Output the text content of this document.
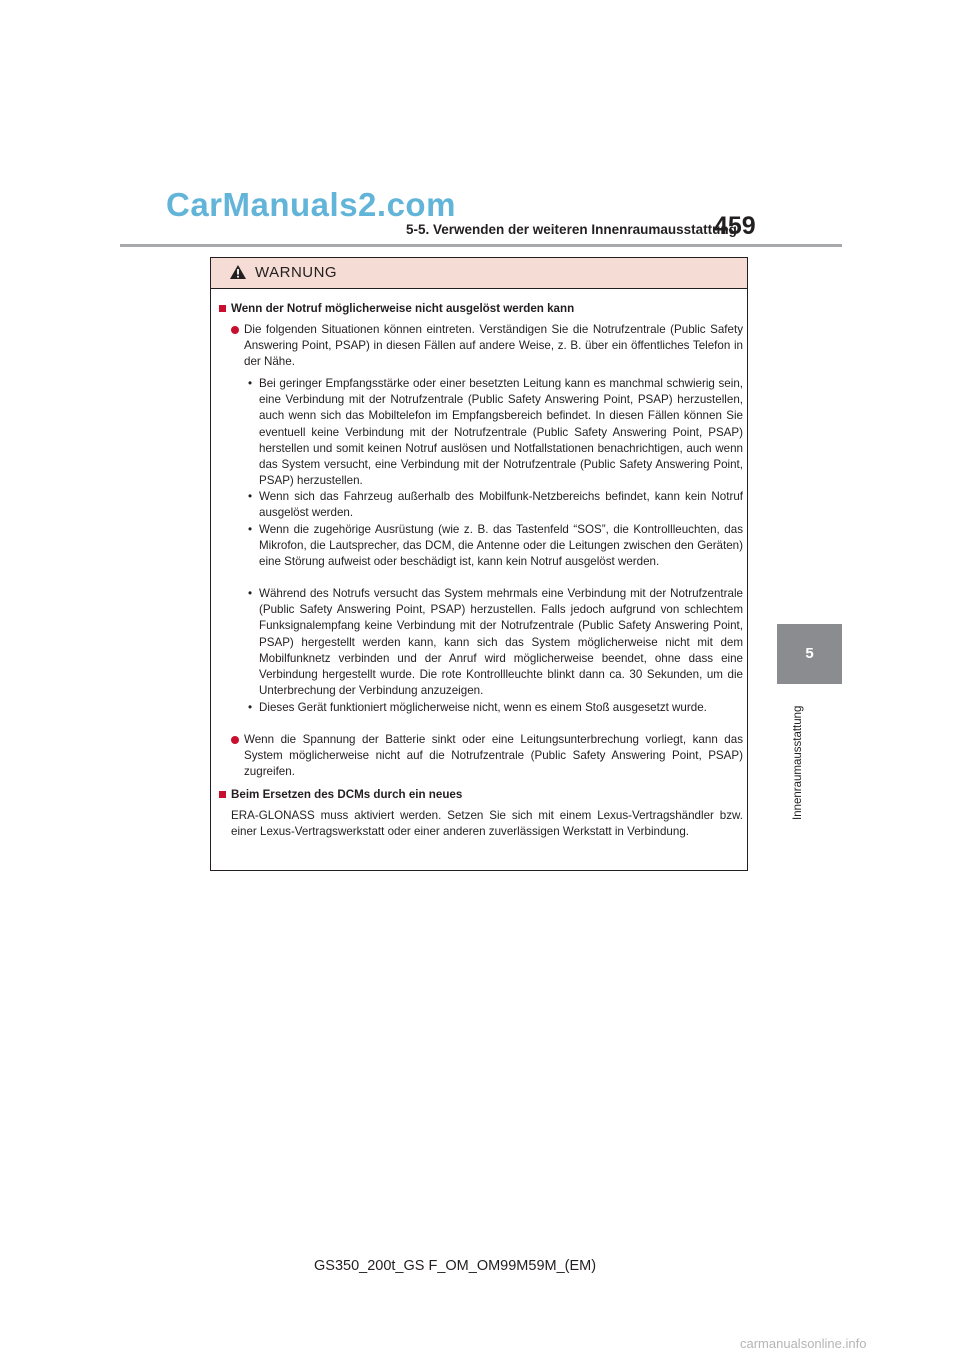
CarManuals2.com
5-5. Verwenden der weiteren Innenraumausstattung
459
5
Innenraumausstattung
WARNUNG
Wenn der Notruf möglicherweise nicht ausgelöst werden kann
Die folgenden Situationen können eintreten. Verständigen Sie die Notrufzentrale (Public Safety Answering Point, PSAP) in diesen Fällen auf andere Weise, z. B. über ein öffentliches Telefon in der Nähe.
• Bei geringer Empfangsstärke oder einer besetzten Leitung kann es manchmal schwierig sein, eine Verbindung mit der Notrufzentrale (Public Safety Answering Point, PSAP) herzustellen, auch wenn sich das Mobiltelefon im Empfangsbereich befindet. In diesen Fällen können Sie eventuell keine Verbindung mit der Notrufzentrale (Public Safety Answering Point, PSAP) herstellen und somit keinen Notruf auslösen und Notfallstationen benachrichtigen, auch wenn das System versucht, eine Verbindung mit der Notrufzentrale (Public Safety Answering Point, PSAP) herzustellen.
• Wenn sich das Fahrzeug außerhalb des Mobilfunk-Netzbereichs befindet, kann kein Notruf ausgelöst werden.
• Wenn die zugehörige Ausrüstung (wie z. B. das Tastenfeld “SOS”, die Kontrollleuchten, das Mikrofon, die Lautsprecher, das DCM, die Antenne oder die Leitungen zwischen den Geräten) eine Störung aufweist oder beschädigt ist, kann kein Notruf ausgelöst werden.
• Während des Notrufs versucht das System mehrmals eine Verbindung mit der Notrufzentrale (Public Safety Answering Point, PSAP) herzustellen. Falls jedoch aufgrund von schlechtem Funksignalempfang keine Verbindung mit der Notrufzentrale (Public Safety Answering Point, PSAP) hergestellt werden kann, kann sich das System möglicherweise nicht mit dem Mobilfunknetz verbinden und der Anruf wird möglicherweise beendet, ohne dass eine Verbindung hergestellt wurde. Die rote Kontrollleuchte blinkt dann ca. 30 Sekunden, um die Unterbrechung der Verbindung anzuzeigen.
• Dieses Gerät funktioniert möglicherweise nicht, wenn es einem Stoß ausgesetzt wurde.
Wenn die Spannung der Batterie sinkt oder eine Leitungsunterbrechung vorliegt, kann das System möglicherweise nicht auf die Notrufzentrale (Public Safety Answering Point, PSAP) zugreifen.
Beim Ersetzen des DCMs durch ein neues
ERA-GLONASS muss aktiviert werden. Setzen Sie sich mit einem Lexus-Vertragshändler bzw. einer Lexus-Vertragswerkstatt oder einer anderen zuverlässigen Werkstatt in Verbindung.
GS350_200t_GS F_OM_OM99M59M_(EM)
carmanualsonline.info
